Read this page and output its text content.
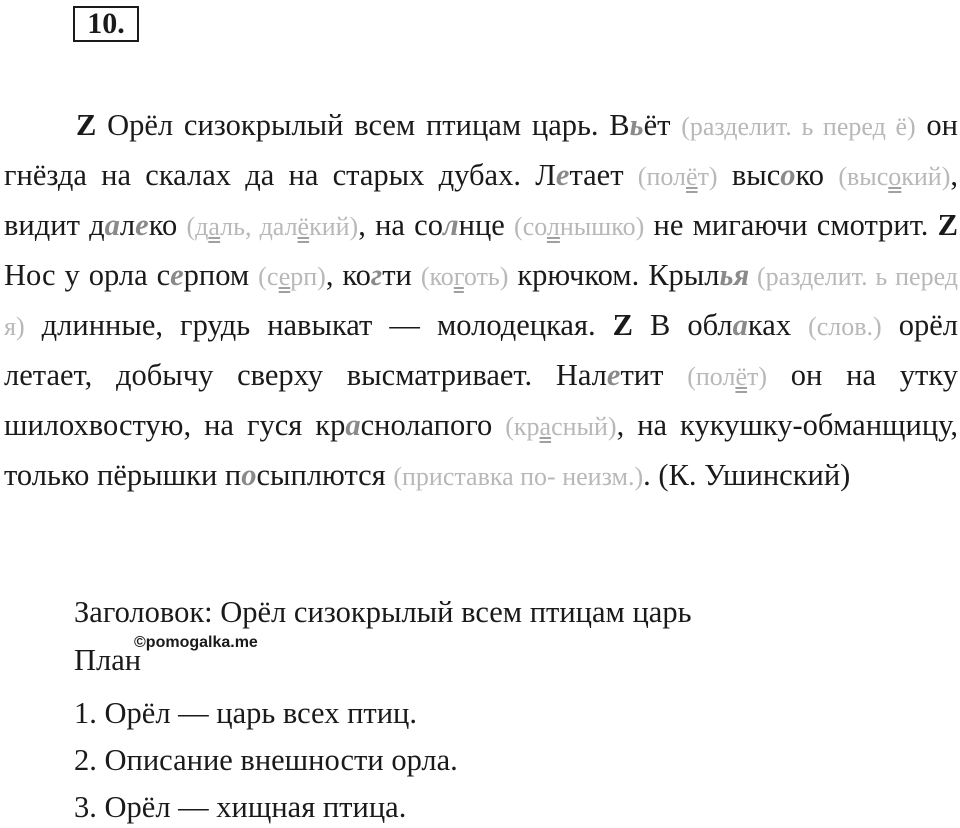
10.

Z Орёл сизокрылый всем птицам царь. Вьёт (разделит. ь перед ё) он гнёзда на скалах да на старых дубах. Летает (полёт) высоко (высокий), видит далеко (даль, далёкий), на солнце (солнышко) не мигаючи смотрит. Z Нос у орла серпом (серп), когти (коготь) крючком. Крылья (разделит. ь перед я) длинные, грудь навыкат — молодецкая. Z В облаках (слов.) орёл летает, добычу сверху высматривает. Налетит (полёт) он на утку шилохвостую, на гуся краснолапого (красный), на кукушку-обманщицу, только пёрышки посыплются (приставка по- неизм.). (К. Ушинский)

Заголовок: Орёл сизокрылый всем птицам царь

План

©pomogalka.me

1. Орёл — царь всех птиц.

2. Описание внешности орла.

3. Орёл — хищная птица.
